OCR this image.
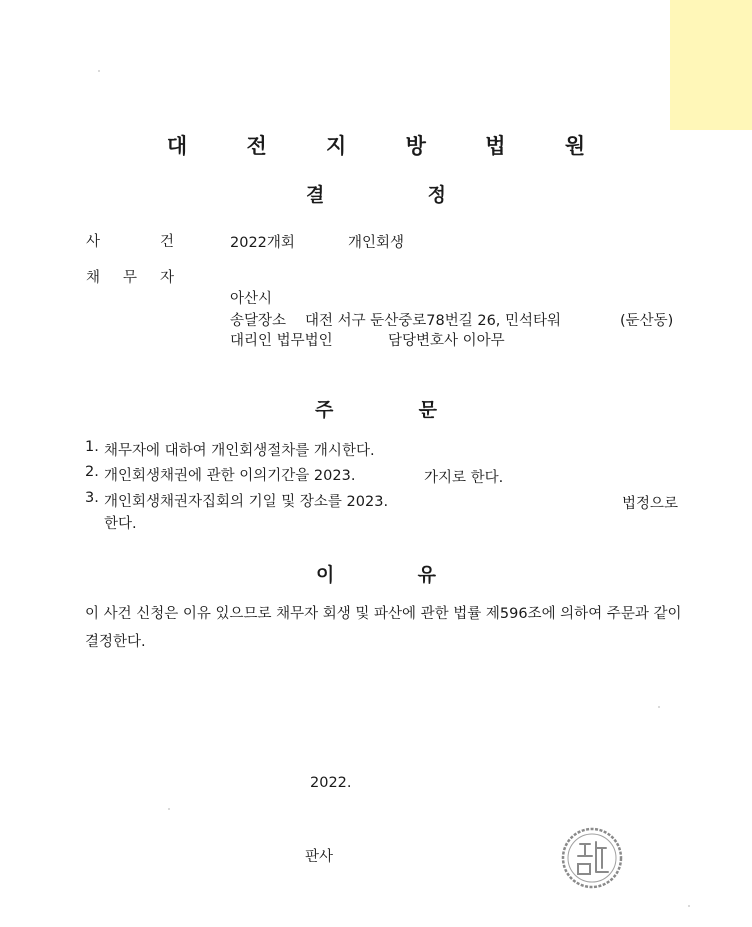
대 전 지 방 법 원
결	정
사	건	2022개회	개인회생
채 무 자
아산시
송달장소 대전 서구 둔산중로78번길 26, 민석타워	(둔산동)
대리인 법무법인	담당변호사 이아무
주	문
1. 채무자에 대하여 개인회생절차를 개시한다.
2. 개인회생채권에 관한 이의기간을 2023.	가지로 한다.
3. 개인회생채권자집회의 기일 및 장소를 2023.	법정으로
한다.
이	유
이 사건 신청은 이유 있으므로 채무자 회생 및 파산에 관한 법률 제596조에 의하여 주문과 같이 결정한다.
2022.
판사
